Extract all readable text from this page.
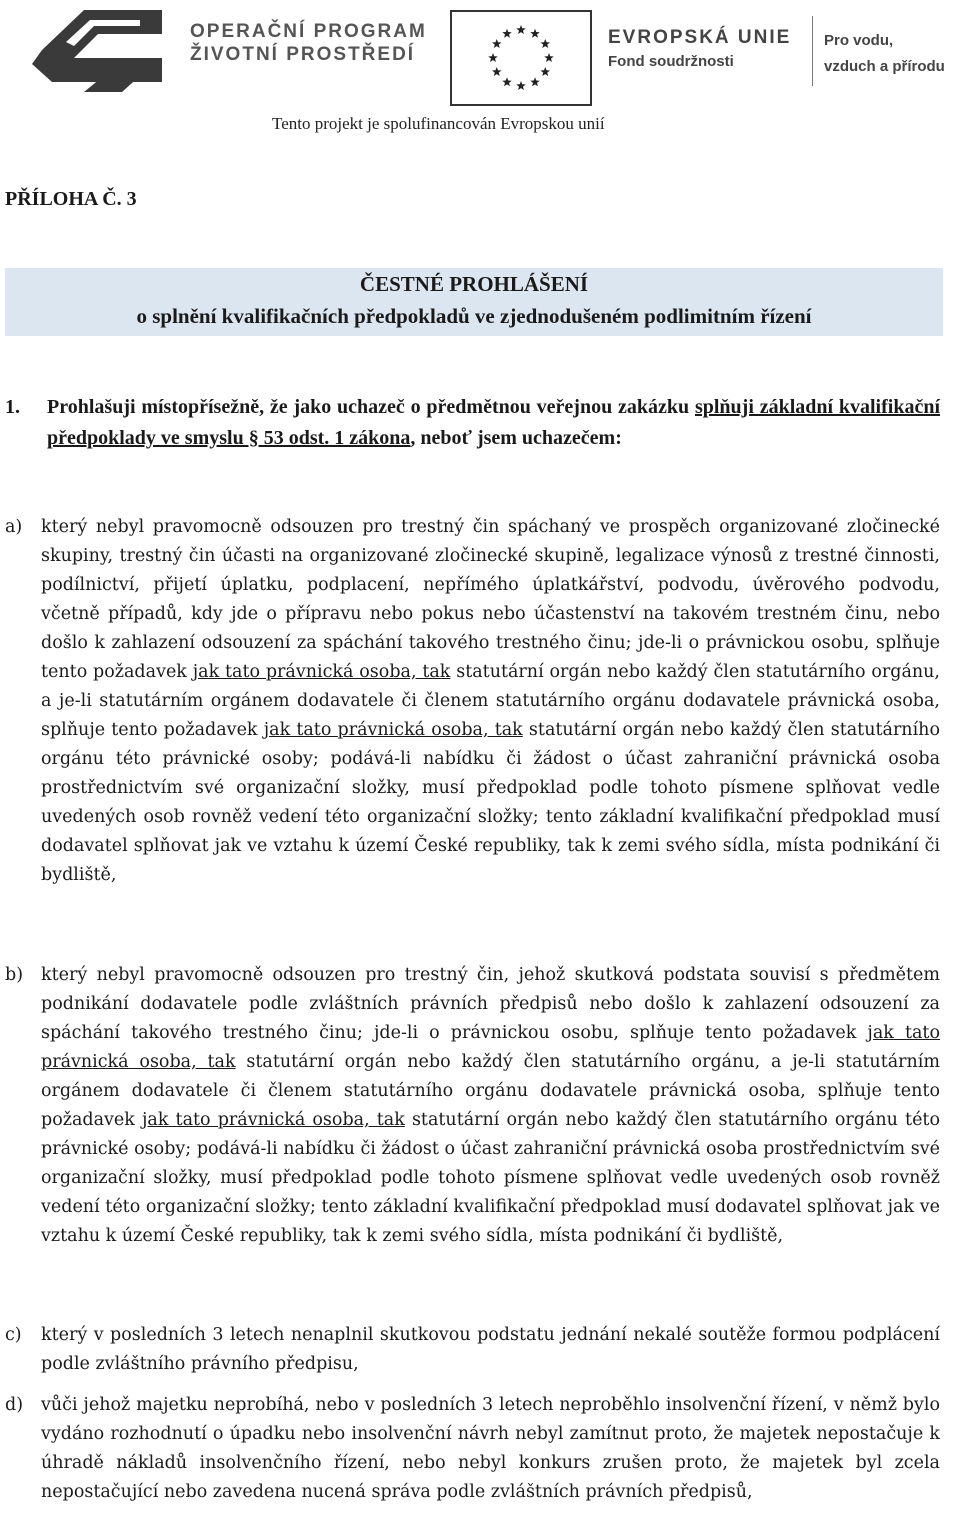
OPERAČNÍ PROGRAM
ŽIVOTNÍ PROSTŘEDÍ
EVROPSKÁ UNIE
Fond soudržnosti
Pro vodu,
vzduch a přírodu
Tento projekt je spolufinancován Evropskou unií
PŘÍLOHA Č. 3
ČESTNÉ PROHLÁŠENÍ
o splnění kvalifikačních předpokladů ve zjednodušeném podlimitním řízení
1. Prohlašuji místopřísežně, že jako uchazeč o předmětnou veřejnou zakázku splňuji základní kvalifikační předpoklady ve smyslu § 53 odst. 1 zákona, neboť jsem uchazečem:
a) který nebyl pravomocně odsouzen pro trestný čin spáchaný ve prospěch organizované zločinecké skupiny, trestný čin účasti na organizované zločinecké skupině, legalizace výnosů z trestné činnosti, podílnictví, přijetí úplatku, podplacení, nepřímého úplatkářství, podvodu, úvěrového podvodu, včetně případů, kdy jde o přípravu nebo pokus nebo účastenství na takovém trestném činu, nebo došlo k zahlazení odsouzení za spáchání takového trestného činu; jde-li o právnickou osobu, splňuje tento požadavek jak tato právnická osoba, tak statutární orgán nebo každý člen statutárního orgánu, a je-li statutárním orgánem dodavatele či členem statutárního orgánu dodavatele právnická osoba, splňuje tento požadavek jak tato právnická osoba, tak statutární orgán nebo každý člen statutárního orgánu této právnické osoby; podává-li nabídku či žádost o účast zahraniční právnická osoba prostřednictvím své organizační složky, musí předpoklad podle tohoto písmene splňovat vedle uvedených osob rovněž vedení této organizační složky; tento základní kvalifikační předpoklad musí dodavatel splňovat jak ve vztahu k území České republiky, tak k zemi svého sídla, místa podnikání či bydliště,
b) který nebyl pravomocně odsouzen pro trestný čin, jehož skutková podstata souvisí s předmětem podnikání dodavatele podle zvláštních právních předpisů nebo došlo k zahlazení odsouzení za spáchání takového trestného činu; jde-li o právnickou osobu, splňuje tento požadavek jak tato právnická osoba, tak statutární orgán nebo každý člen statutárního orgánu, a je-li statutárním orgánem dodavatele či členem statutárního orgánu dodavatele právnická osoba, splňuje tento požadavek jak tato právnická osoba, tak statutární orgán nebo každý člen statutárního orgánu této právnické osoby; podává-li nabídku či žádost o účast zahraniční právnická osoba prostřednictvím své organizační složky, musí předpoklad podle tohoto písmene splňovat vedle uvedených osob rovněž vedení této organizační složky; tento základní kvalifikační předpoklad musí dodavatel splňovat jak ve vztahu k území České republiky, tak k zemi svého sídla, místa podnikání či bydliště,
c) který v posledních 3 letech nenaplnil skutkovou podstatu jednání nekalé soutěže formou podplácení podle zvláštního právního předpisu,
d) vůči jehož majetku neprobíhá, nebo v posledních 3 letech neproběhlo insolvenční řízení, v němž bylo vydáno rozhodnutí o úpadku nebo insolvenční návrh nebyl zamítnut proto, že majetek nepostačuje k úhradě nákladů insolvenčního řízení, nebo nebyl konkurs zrušen proto, že majetek byl zcela nepostačující nebo zavedena nucená správa podle zvláštních právních předpisů,
